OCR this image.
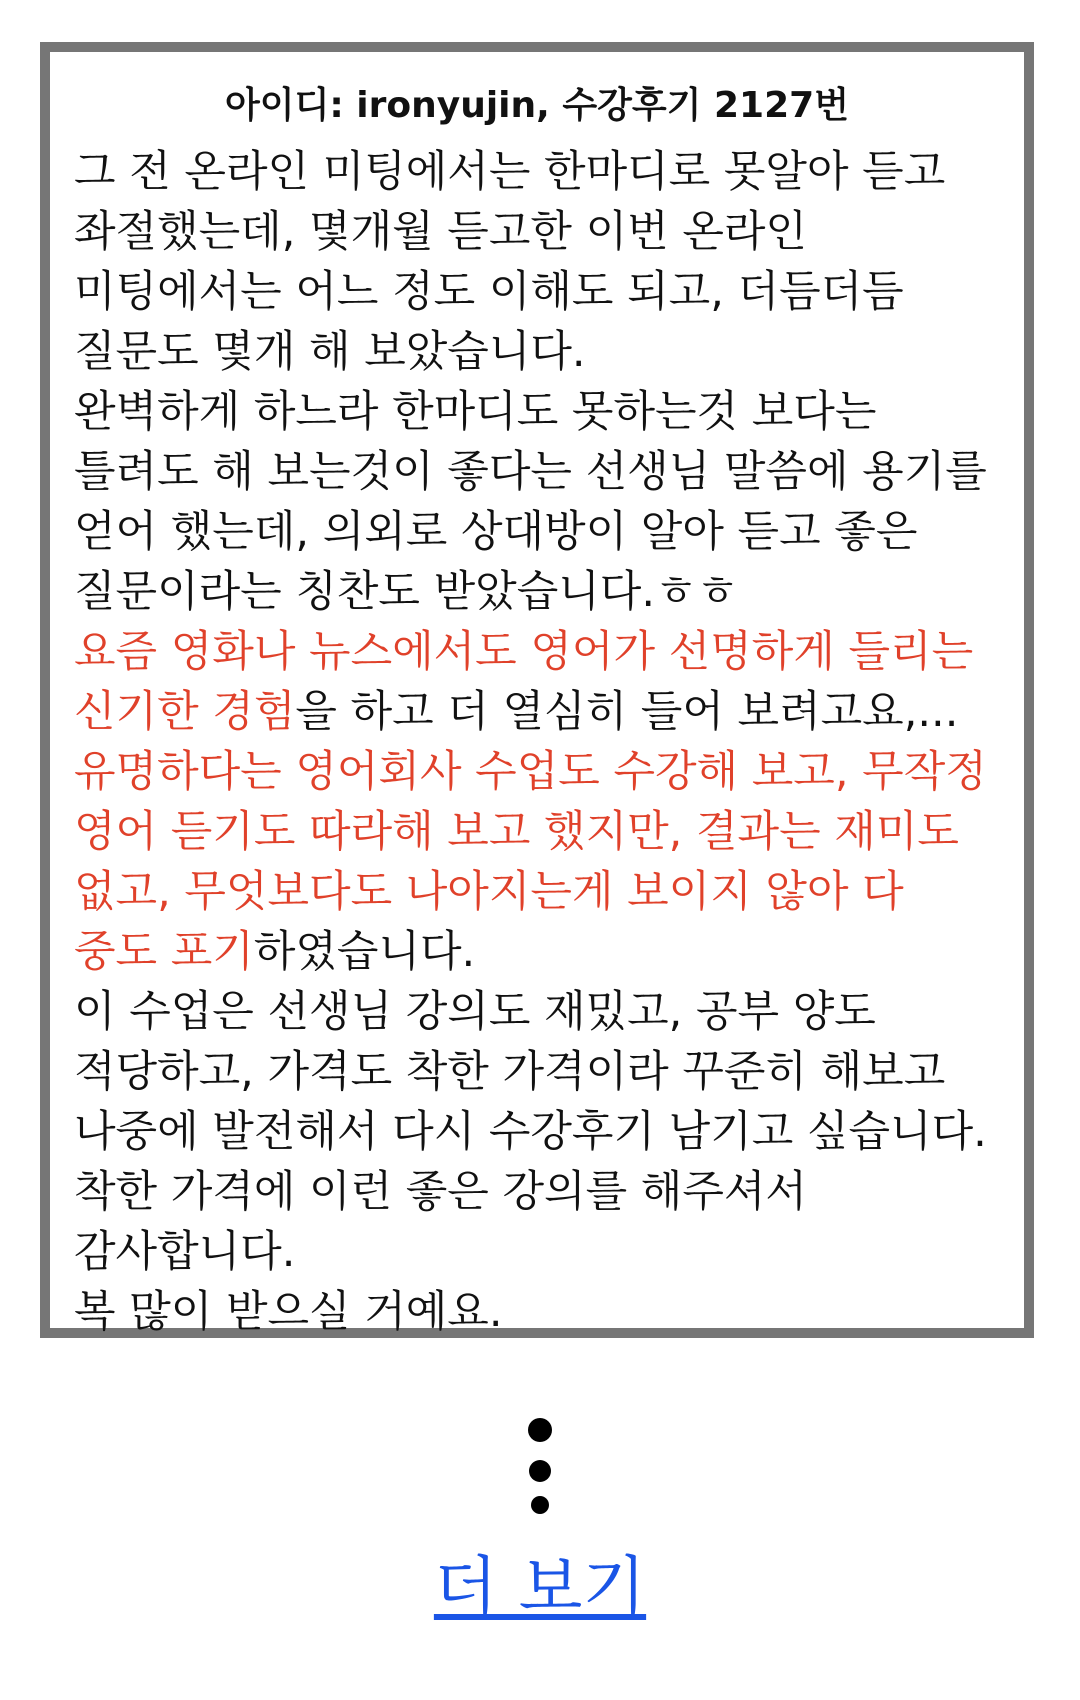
아이디: ironyujin, 수강후기 2127번

그 전 온라인 미팅에서는 한마디로 못알아 듣고 좌절했는데, 몇개월 듣고한 이번 온라인 미팅에서는 어느 정도 이해도 되고, 더듬더듬 질문도 몇개 해 보았습니다.

완벽하게 하느라 한마디도 못하는것 보다는 틀려도 해 보는것이 좋다는 선생님 말씀에 용기를 얻어 했는데, 의외로 상대방이 알아 듣고 좋은 질문이라는 칭찬도 받았습니다.ㅎㅎ

요즘 영화나 뉴스에서도 영어가 선명하게 들리는 신기한 경험을 하고 더 열심히 들어 보려고요,...

유명하다는 영어회사 수업도 수강해 보고, 무작정 영어 듣기도 따라해 보고 했지만, 결과는 재미도 없고, 무엇보다도 나아지는게 보이지 않아 다 중도 포기하였습니다.

이 수업은 선생님 강의도 재밌고, 공부 양도 적당하고, 가격도 착한 가격이라 꾸준히 해보고 나중에 발전해서 다시 수강후기 남기고 싶습니다. 착한 가격에 이런 좋은 강의를 해주셔서 감사합니다.

복 많이 받으실 거예요.

더 보기
